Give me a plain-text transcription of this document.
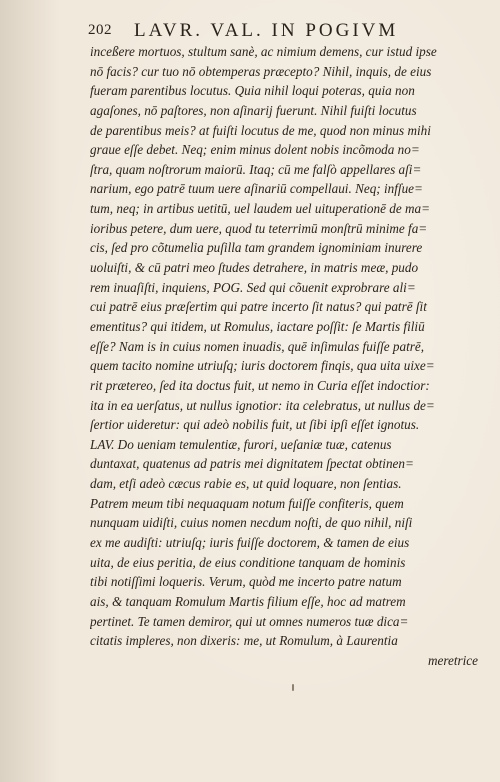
202 LAVR. VAL. IN POGIVM
inceßere mortuos, stultum sanè, ac nimium demens, cur istud ipse
nō facis? cur tuo nō obtemperas præcepto? Nihil, inquis, de eius
fueram parentibus locutus. Quia nihil loqui poteras, quia non
agaſones, nō paſtores, non aſinarij fuerunt. Nihil fuiſti locutus
de parentibus meis? at fuiſti locutus de me, quod non minus mihi
graue eſſe debet. Neq; enim minus dolent nobis incõmoda no=
ſtra, quam noſtrorum maiorū. Itaq; cū me falſò appellares aſi=
narium, ego patrē tuum uere aſinariū compellaui. Neq; infſue=
tum, neq; in artibus uetitū, uel laudem uel uituperationē de ma=
ioribus petere, dum uere, quod tu teterrimū monſtrū minime fa=
cis, ſed pro cõtumelia puſilla tam grandem ignominiam inurere
uoluiſti, & cū patri meo ſtudes detrahere, in matris meæ, pudo
rem inuaſiſti, inquiens, POG. Sed qui cõuenit exprobrare ali=
cui patrē eius præſertim qui patre incerto ſit natus? qui patrē ſit
ementitus? qui itidem, ut Romulus, iactare poſſit: ſe Martis filiū
eſſe? Nam is in cuius nomen inuadis, quē inſimulas fuiſſe patrē,
quem tacito nomine utriuſq; iuris doctorem finqis, qua uita uixe=
rit prætereo, ſed ita doctus fuit, ut nemo in Curia eſſet indoctior:
ita in ea uerſatus, ut nullus ignotior: ita celebratus, ut nullus de=
ſertior uideretur: qui adeò nobilis fuit, ut ſibi ipſi eſſet ignotus.
LAV. Do ueniam temulentiæ, furori, ueſaniæ tuæ, catenus
duntaxat, quatenus ad patris mei dignitatem ſpectat obtinen=
dam, etſi adeò cæcus rabie es, ut quid loquare, non ſentias.
Patrem meum tibi nequaquam notum fuiſſe confiteris, quem
nunquam uidiſti, cuius nomen necdum noſti, de quo nihil, niſi
ex me audiſti: utriuſq; iuris fuiſſe doctorem, & tamen de eius
uita, de eius peritia, de eius conditione tanquam de hominis
tibi notiſſimi loqueris. Verum, quòd me incerto patre natum
ais, & tanquam Romulum Martis filium eſſe, hoc ad matrem
pertinet. Te tamen demiror, qui ut omnes numeros tuæ dica=
citatis impleres, non dixeris: me, ut Romulum, à Laurentia
meretrice
